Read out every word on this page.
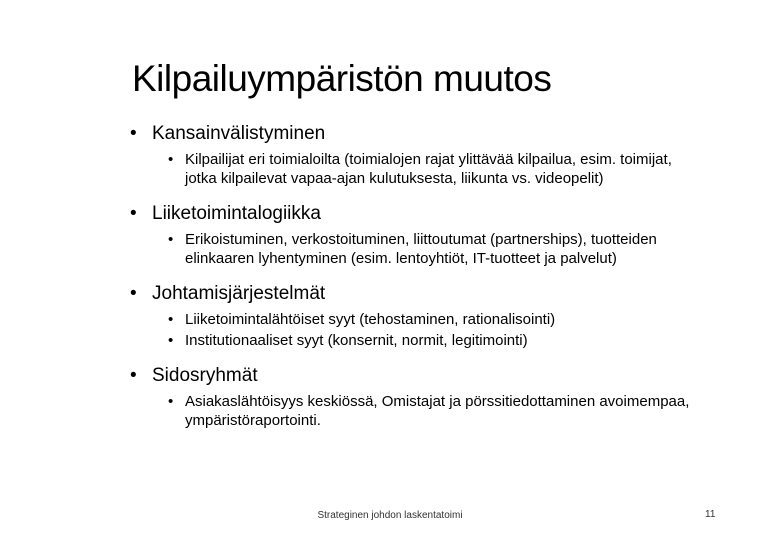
Kilpailuympäristön muutos
• Kansainvälistyminen
• Kilpailijat eri toimialoilta (toimialojen rajat ylittävää kilpailua, esim. toimijat, jotka kilpailevat vapaa-ajan kulutuksesta, liikunta vs. videopelit)
• Liiketoimintalogiikka
• Erikoistuminen, verkostoituminen, liittoutumat (partnerships), tuotteiden elinkaaren lyhentyminen (esim. lentoyhtiöt, IT-tuotteet ja palvelut)
• Johtamisjärjestelmät
• Liiketoimintalähtöiset syyt (tehostaminen, rationalisointi)
• Institutionaaliset syyt (konsernit, normit, legitimointi)
• Sidosryhmät
• Asiakaslähtöisyys keskiössä, Omistajat ja pörssitiedottaminen avoimempaa, ympäristöraportointi.
Strateginen johdon laskentatoimi	11
